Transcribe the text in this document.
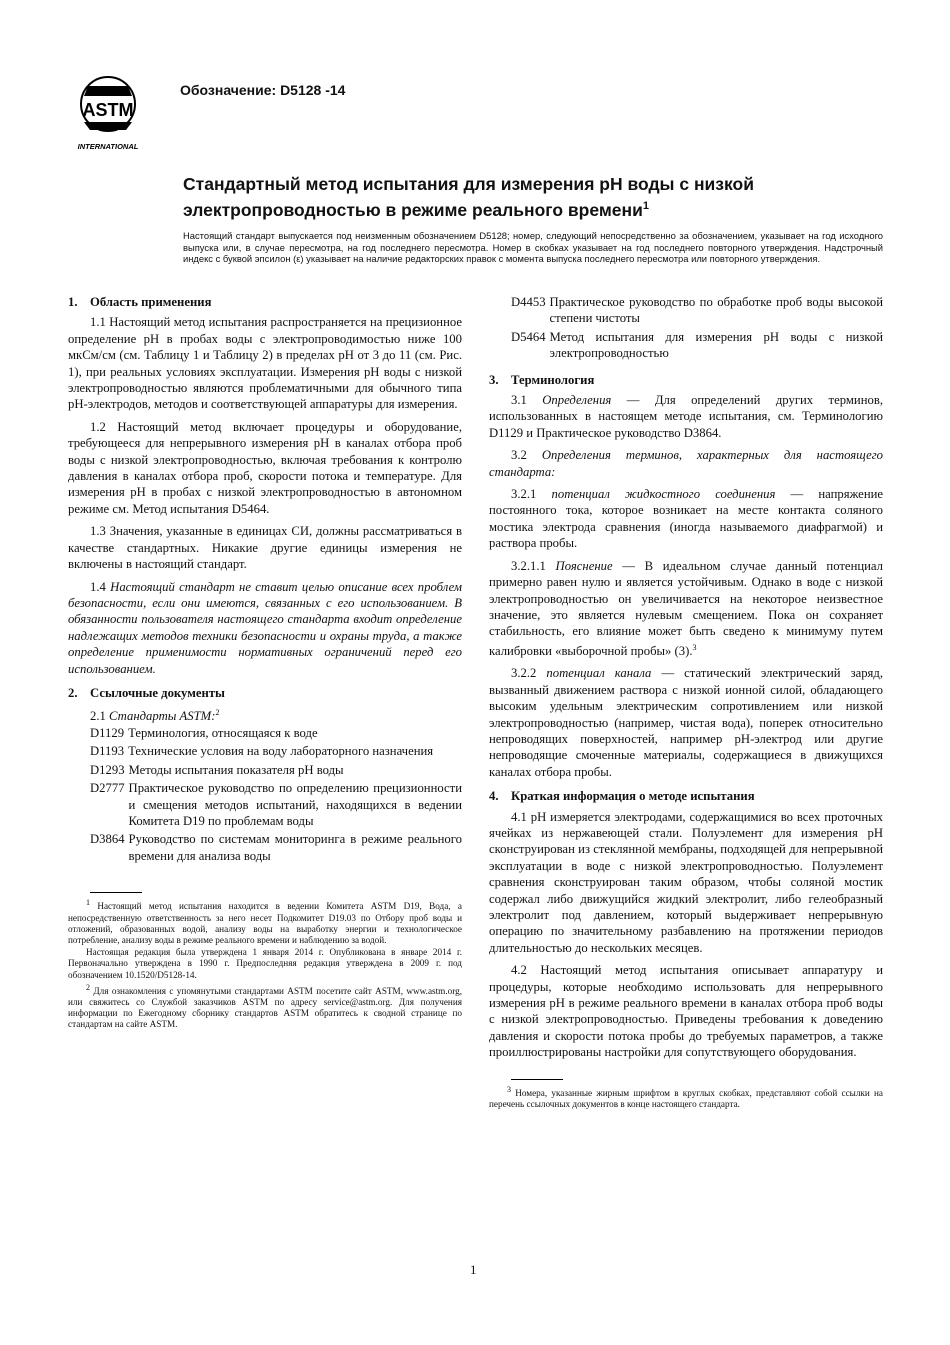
ASTM
INTERNATIONAL
Обозначение: D5128 -14
Стандартный метод испытания для измерения pH воды с низкой электропроводностью в режиме реального времени$^1$
Настоящий стандарт выпускается под неизменным обозначением D5128; номер, следующий непосредственно за обозначением, указывает на год исходного выпуска или, в случае пересмотра, на год последнего пересмотра. Номер в скобках указывает на год последнего повторного утверждения. Надстрочный индекс с буквой эпсилон (ε) указывает на наличие редакторских правок с момента выпуска последнего пересмотра или повторного утверждения.
1. Область применения

1.1 Настоящий метод испытания распространяется на прецизионное определение pH в пробах воды с электропроводимостью ниже 100 мкСм/см (см. Таблицу 1 и Таблицу 2) в пределах pH от 3 до 11 (см. Рис. 1), при реальных условиях эксплуатации. Измерения pH воды с низкой электропроводностью являются проблематичными для обычного типа pH-электродов, методов и соответствующей аппаратуры для измерения.

1.2 Настоящий метод включает процедуры и оборудование, требующееся для непрерывного измерения pH в каналах отбора проб воды с низкой электропроводностью, включая требования к контролю давления в каналах отбора проб, скорости потока и температуре. Для измерения pH в пробах с низкой электропроводностью в автономном режиме см. Метод испытания D5464.

1.3 Значения, указанные в единицах СИ, должны рассматриваться в качестве стандартных. Никакие другие единицы измерения не включены в настоящий стандарт.

1.4 Настоящий стандарт не ставит целью описание всех проблем безопасности, если они имеются, связанных с его использованием. В обязанности пользователя настоящего стандарта входит определение надлежащих методов техники безопасности и охраны труда, а также определение применимости нормативных ограничений перед его использованием.

2. Ссылочные документы
2.1 Стандарты ASTM:$^2$
D1129 Терминология, относящаяся к воде
D1193 Технические условия на воду лабораторного назначения
D1293 Методы испытания показателя pH воды
D2777 Практическое руководство по определению прецизионности и смещения методов испытаний, находящихся в ведении Комитета D19 по проблемам воды
D3864 Руководство по системам мониторинга в режиме реального времени для анализа воды
$^1$ Настоящий метод испытания находится в ведении Комитета ASTM D19, Вода, а непосредственную ответственность за него несет Подкомитет D19.03 по Отбору проб воды и отложений, образованных водой, анализу воды на выработку энергии и технологическое потребление, анализу воды в режиме реального времени и наблюдению за водой.
Настоящая редакция была утверждена 1 января 2014 г. Опубликована в январе 2014 г. Первоначально утверждена в 1990 г. Предпоследняя редакция утверждена в 2009 г. под обозначением 10.1520/D5128-14.
$^2$ Для ознакомления с упомянутыми стандартами ASTM посетите сайт ASTM, www.astm.org, или свяжитесь со Службой заказчиков ASTM по адресу service@astm.org. Для получения информации по Ежегодному сборнику стандартов ASTM обратитесь к сводной странице по стандартам на сайте ASTM.
D4453 Практическое руководство по обработке проб воды высокой степени чистоты
D5464 Метод испытания для измерения pH воды с низкой электропроводностью
3. Терминология

3.1 Определения — Для определений других терминов, использованных в настоящем методе испытания, см. Терминологию D1129 и Практическое руководство D3864.

3.2 Определения терминов, характерных для настоящего стандарта:

3.2.1 потенциал жидкостного соединения — напряжение постоянного тока, которое возникает на месте контакта соляного мостика электрода сравнения (иногда называемого диафрагмой) и раствора пробы.

3.2.1.1 Пояснение — В идеальном случае данный потенциал примерно равен нулю и является устойчивым. Однако в воде с низкой электропроводностью он увеличивается на некоторое неизвестное значение, это является нулевым смещением. Пока он сохраняет стабильность, его влияние может быть сведено к минимуму путем калибровки «выборочной пробы» (3).$^3$

3.2.2 потенциал канала — статический электрический заряд, вызванный движением раствора с низкой ионной силой, обладающего высоким удельным электрическим сопротивлением или низкой электропроводностью (например, чистая вода), поперек относительно непроводящих поверхностей, например pH-электрод или другие непроводящие смоченные материалы, содержащиеся в движущихся каналах отбора пробы.

4. Краткая информация о методе испытания

4.1 pH измеряется электродами, содержащимися во всех проточных ячейках из нержавеющей стали. Полуэлемент для измерения pH сконструирован из стеклянной мембраны, подходящей для непрерывной эксплуатации в воде с низкой электропроводностью. Полуэлемент сравнения сконструирован таким образом, чтобы соляной мостик содержал либо движущийся жидкий электролит, либо гелеобразный электролит под давлением, который выдерживает непрерывную операцию по значительному разбавлению на протяжении периодов длительностью до нескольких месяцев.

4.2 Настоящий метод испытания описывает аппаратуру и процедуры, которые необходимо использовать для непрерывного измерения pH в режиме реального времени в каналах отбора проб воды с низкой электропроводностью. Приведены требования к доведению давления и скорости потока пробы до требуемых параметров, а также проиллюстрированы настройки для сопутствующего оборудования.

$^3$ Номера, указанные жирным шрифтом в круглых скобках, представляют собой ссылки на перечень ссылочных документов в конце настоящего стандарта.
1
